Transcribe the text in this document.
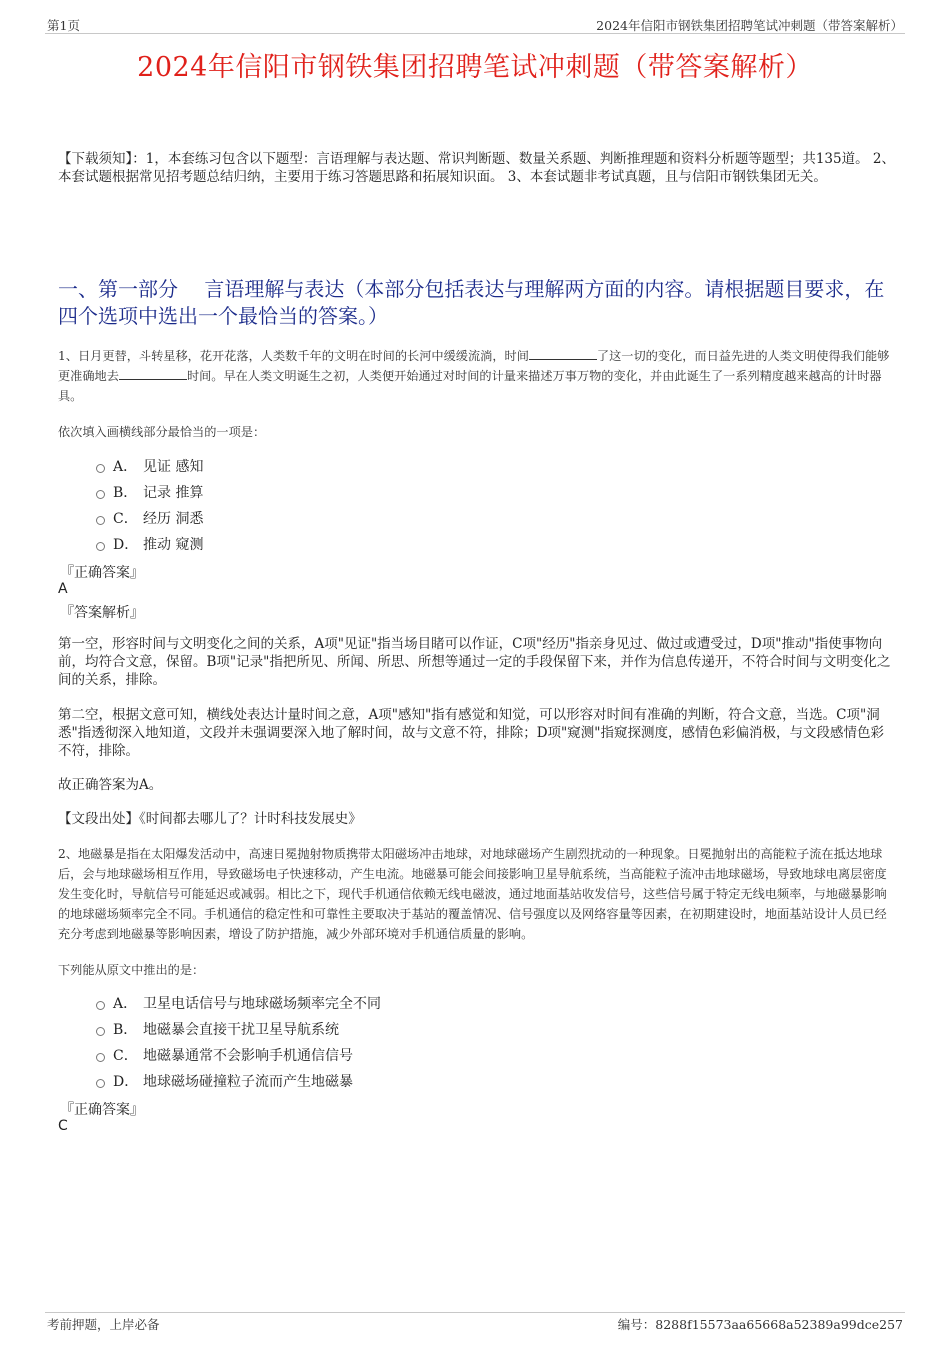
第1页	2024年信阳市钢铁集团招聘笔试冲刺题（带答案解析）
2024年信阳市钢铁集团招聘笔试冲刺题（带答案解析）
【下载须知】：1，本套练习包含以下题型：言语理解与表达题、常识判断题、数量关系题、判断推理题和资料分析题等题型；共135道。 2、本套试题根据常见招考题总结归纳，主要用于练习答题思路和拓展知识面。 3、本套试题非考试真题，且与信阳市钢铁集团无关。
一、第一部分　 言语理解与表达（本部分包括表达与理解两方面的内容。请根据题目要求，在四个选项中选出一个最恰当的答案。）
1、日月更替，斗转星移，花开花落，人类数千年的文明在时间的长河中缓缓流淌，时间	了这一切的变化，而日益先进的人类文明使得我们能够更准确地去	时间。早在人类文明诞生之初，人类便开始通过对时间的计量来描述万事万物的变化，并由此诞生了一系列精度越来越高的计时器具。
依次填入画横线部分最恰当的一项是：
A． 见证 感知
B． 记录 推算
C． 经历 洞悉
D． 推动 窥测
『正确答案』
A
『答案解析』
第一空，形容时间与文明变化之间的关系，A项"见证"指当场目睹可以作证，C项"经历"指亲身见过、做过或遭受过，D项"推动"指使事物向前，均符合文意，保留。B项"记录"指把所见、所闻、所思、所想等通过一定的手段保留下来，并作为信息传递开，不符合时间与文明变化之间的关系，排除。
第二空，根据文意可知，横线处表达计量时间之意，A项"感知"指有感觉和知觉，可以形容对时间有准确的判断，符合文意，当选。C项"洞悉"指透彻深入地知道，文段并未强调要深入地了解时间，故与文意不符，排除；D项"窥测"指窥探测度，感情色彩偏消极，与文段感情色彩不符，排除。
故正确答案为A。
【文段出处】《时间都去哪儿了？计时科技发展史》
2、地磁暴是指在太阳爆发活动中，高速日冕抛射物质携带太阳磁场冲击地球，对地球磁场产生剧烈扰动的一种现象。日冕抛射出的高能粒子流在抵达地球后，会与地球磁场相互作用，导致磁场电子快速移动，产生电流。地磁暴可能会间接影响卫星导航系统，当高能粒子流冲击地球磁场，导致地球电离层密度发生变化时，导航信号可能延迟或减弱。相比之下，现代手机通信依赖无线电磁波，通过地面基站收发信号，这些信号属于特定无线电频率，与地磁暴影响的地球磁场频率完全不同。手机通信的稳定性和可靠性主要取决于基站的覆盖情况、信号强度以及网络容量等因素，在初期建设时，地面基站设计人员已经充分考虑到地磁暴等影响因素，增设了防护措施，减少外部环境对手机通信质量的影响。
下列能从原文中推出的是：
A． 卫星电话信号与地球磁场频率完全不同
B． 地磁暴会直接干扰卫星导航系统
C． 地磁暴通常不会影响手机通信信号
D． 地球磁场碰撞粒子流而产生地磁暴
『正确答案』
C
考前押题，上岸必备	编号：8288f15573aa65668a52389a99dce257
